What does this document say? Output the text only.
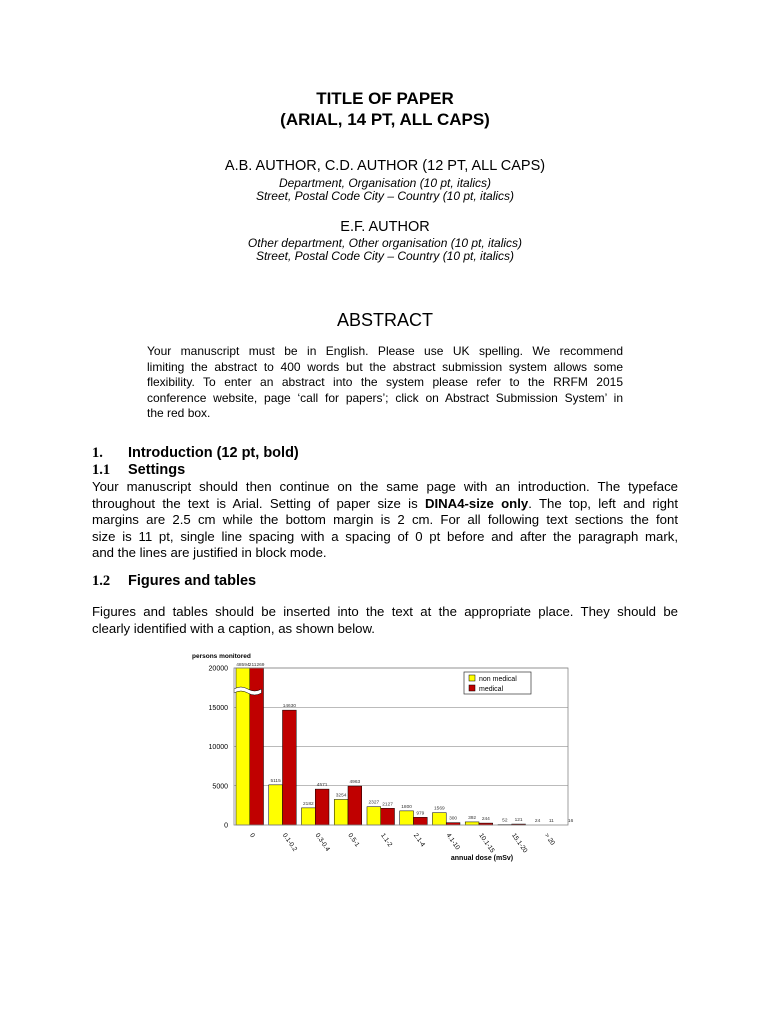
TITLE OF PAPER
(ARIAL, 14 PT, ALL CAPS)
A.B. AUTHOR, C.D. AUTHOR (12 PT, ALL CAPS)
Department, Organisation (10 pt, italics)
Street, Postal Code City – Country (10 pt, italics)
E.F. AUTHOR
Other department, Other organisation (10 pt, italics)
Street, Postal Code City – Country (10 pt, italics)
ABSTRACT
Your manuscript must be in English. Please use UK spelling. We recommend
limiting the abstract to 400 words but the abstract submission system allows some
flexibility. To enter an abstract into the system please refer to the RRFM 2015
conference website, page ‘call for papers’; click on Abstract Submission System’ in
the red box.
1. Introduction (12 pt, bold)
1.1 Settings
Your manuscript should then continue on the same page with an introduction. The typeface
throughout the text is Arial. Setting of paper size is DINA4-size only. The top, left and right
margins are 2.5 cm while the bottom margin is 2 cm. For all following text sections the font
size is 11 pt, single line spacing with a spacing of 0 pt before and after the paragraph mark,
and the lines are justified in block mode.
1.2 Figures and tables
Figures and tables should be inserted into the text at the appropriate place. They should be
clearly identified with a caption, as shown below.
persons monitored
0
5000
10000
15000
20000 48594 211269
5115
14630
2182
4571
3254
4963
2327 2127
1800
979
1569
300 392 244	52 121	24 11	16
0	0.1-0.2 0.3-0.4 0.5-1	1.1-2	2.1-4	4.1-10	10.1-15 15.1-20 > 20
non medical
medical
annual dose (mSv)
